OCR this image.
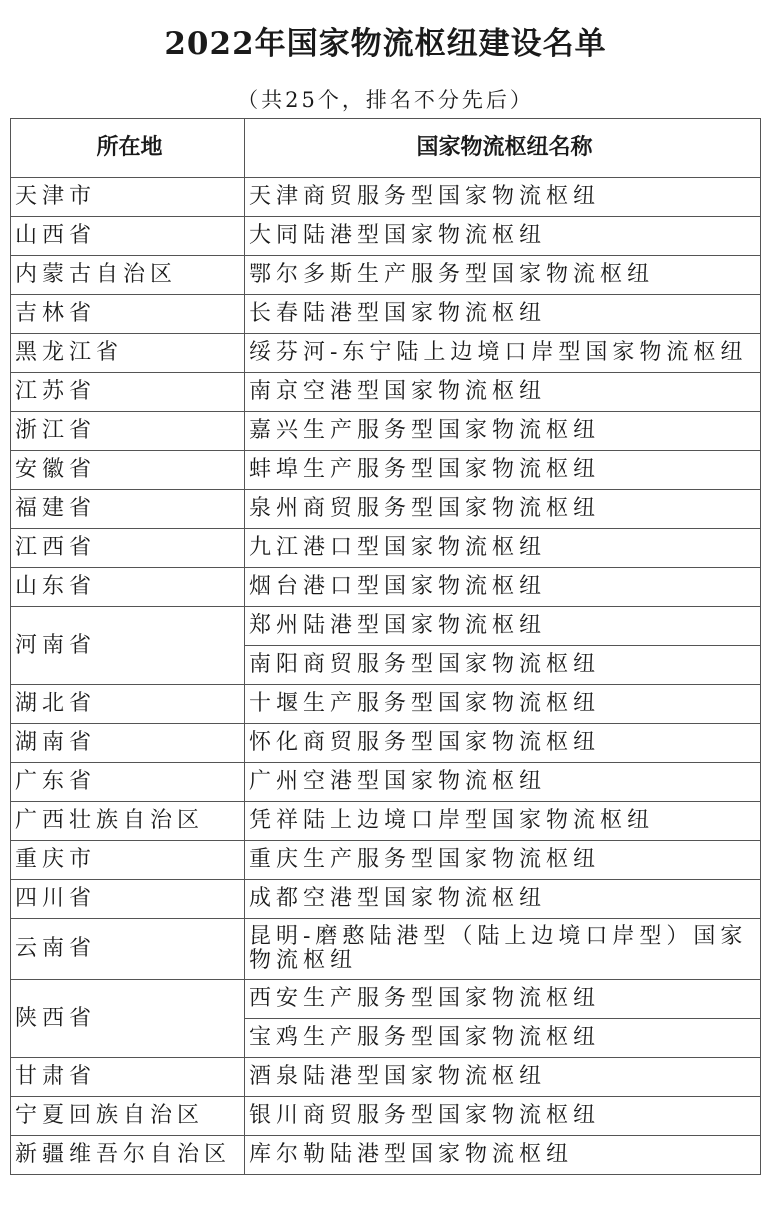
2022年国家物流枢纽建设名单
（共25个，排名不分先后）
所在地	国家物流枢纽名称
天津市	天津商贸服务型国家物流枢纽
山西省	大同陆港型国家物流枢纽
内蒙古自治区	鄂尔多斯生产服务型国家物流枢纽
吉林省	长春陆港型国家物流枢纽
黑龙江省	绥芬河-东宁陆上边境口岸型国家物流枢纽
江苏省	南京空港型国家物流枢纽
浙江省	嘉兴生产服务型国家物流枢纽
安徽省	蚌埠生产服务型国家物流枢纽
福建省	泉州商贸服务型国家物流枢纽
江西省	九江港口型国家物流枢纽
山东省	烟台港口型国家物流枢纽
河南省	郑州陆港型国家物流枢纽
	南阳商贸服务型国家物流枢纽
湖北省	十堰生产服务型国家物流枢纽
湖南省	怀化商贸服务型国家物流枢纽
广东省	广州空港型国家物流枢纽
广西壮族自治区	凭祥陆上边境口岸型国家物流枢纽
重庆市	重庆生产服务型国家物流枢纽
四川省	成都空港型国家物流枢纽
云南省	昆明-磨憨陆港型（陆上边境口岸型）国家物流枢纽
陕西省	西安生产服务型国家物流枢纽
	宝鸡生产服务型国家物流枢纽
甘肃省	酒泉陆港型国家物流枢纽
宁夏回族自治区	银川商贸服务型国家物流枢纽
新疆维吾尔自治区	库尔勒陆港型国家物流枢纽
